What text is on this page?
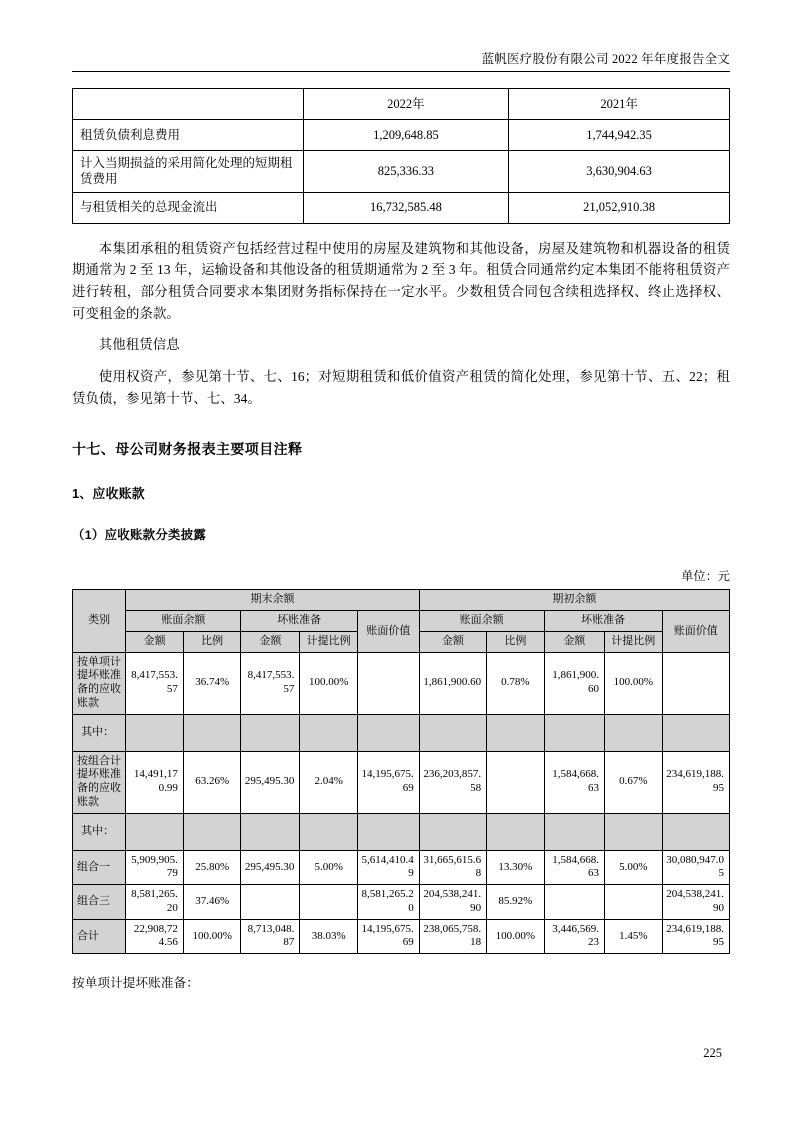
蓝帆医疗股份有限公司 2022 年年度报告全文
	2022年	2021年
租赁负债利息费用	1,209,648.85	1,744,942.35
计入当期损益的采用简化处理的短期租赁费用	825,336.33	3,630,904.63
与租赁相关的总现金流出	16,732,585.48	21,052,910.38

本集团承租的租赁资产包括经营过程中使用的房屋及建筑物和其他设备，房屋及建筑物和机器设备的租赁期通常为 2 至 13 年，运输设备和其他设备的租赁期通常为 2 至 3 年。租赁合同通常约定本集团不能将租赁资产进行转租，部分租赁合同要求本集团财务指标保持在一定水平。少数租赁合同包含续租选择权、终止选择权、可变租金的条款。

其他租赁信息

使用权资产，参见第十节、七、16；对短期租赁和低价值资产租赁的简化处理，参见第十节、五、22；租赁负债，参见第十节、七、34。

十七、母公司财务报表主要项目注释
1、应收账款
（1）应收账款分类披露
单位：元
类别	期末余额					期初余额				
	账面余额		坏账准备		账面价值	账面余额		坏账准备		账面价值
	金额	比例	金额	计提比例		金额	比例	金额	计提比例	
按单项计提坏账准备的应收账款	8,417,553.57	36.74%	8,417,553.57	100.00%		1,861,900.60	0.78%	1,861,900.60	100.00%	
其中：										
按组合计提坏账准备的应收账款	14,491,170.99	63.26%	295,495.30	2.04%	14,195,675.69	236,203,857.58		1,584,668.63	0.67%	234,619,188.95
其中：										
组合一	5,909,905.79	25.80%	295,495.30	5.00%	5,614,410.49	31,665,615.68	13.30%	1,584,668.63	5.00%	30,080,947.05
组合三	8,581,265.20	37.46%			8,581,265.20	204,538,241.90	85.92%			204,538,241.90
合计	22,908,724.56	100.00%	8,713,048.87	38.03%	14,195,675.69	238,065,758.18	100.00%	3,446,569.23	1.45%	234,619,188.95

按单项计提坏账准备：

225
